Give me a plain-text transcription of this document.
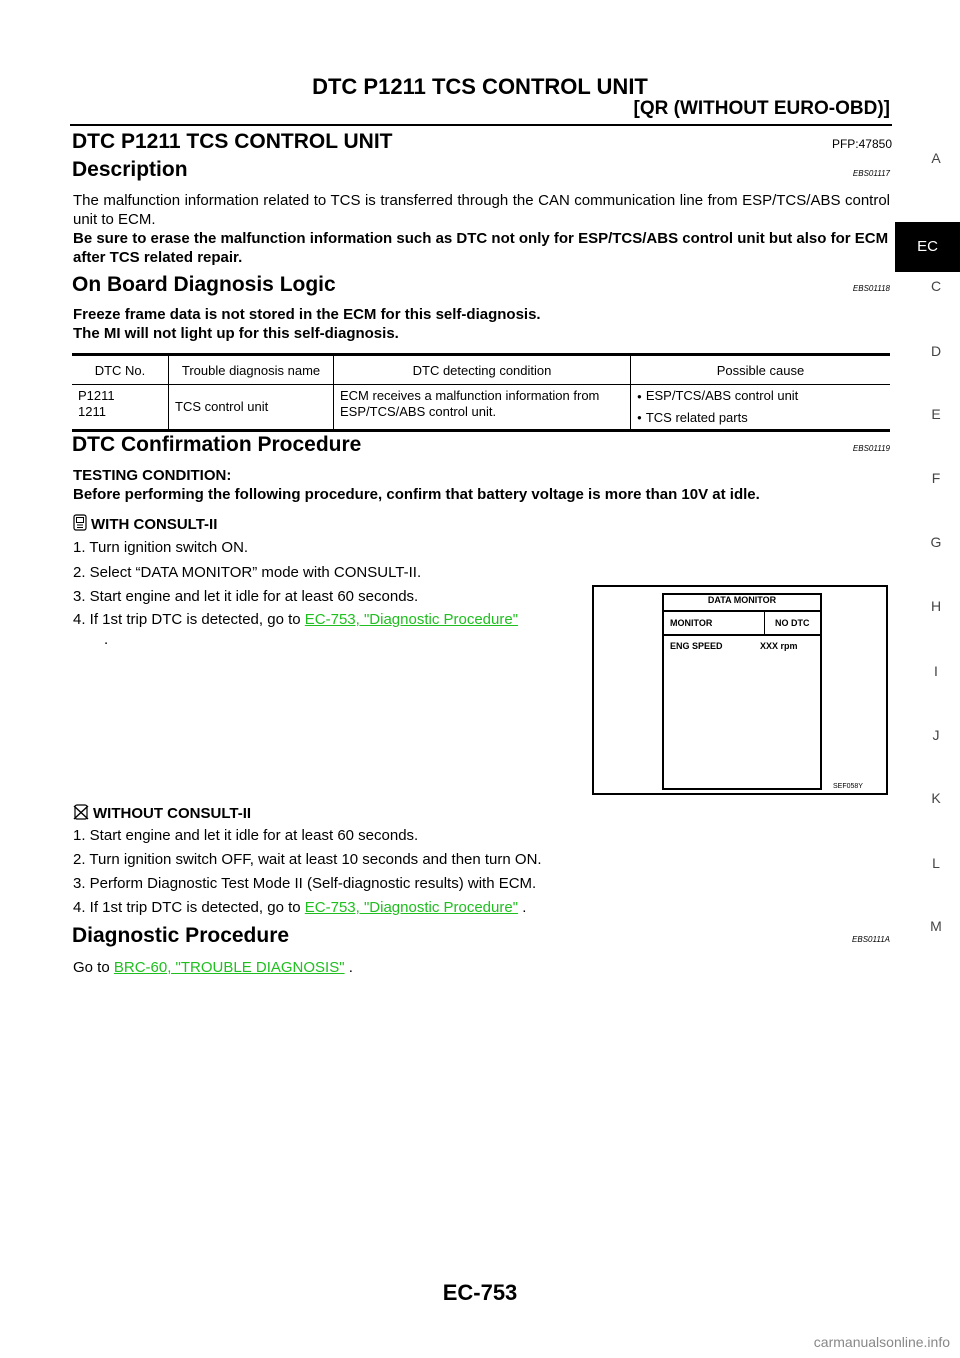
DTC P1211 TCS CONTROL UNIT
[QR (WITHOUT EURO-OBD)]
A
EC
C
D
E
F
G
H
I
J
K
L
M
DTC P1211 TCS CONTROL UNIT	PFP:47850
Description	EBS01117
The malfunction information related to TCS is transferred through the CAN communication line from ESP/TCS/ABS control unit to ECM.
Be sure to erase the malfunction information such as DTC not only for ESP/TCS/ABS control unit but also for ECM after TCS related repair.
On Board Diagnosis Logic	EBS01118
Freeze frame data is not stored in the ECM for this self-diagnosis.
The MI will not light up for this self-diagnosis.
DTC No.	Trouble diagnosis name	DTC detecting condition	Possible cause

P1211
1211	TCS control unit	ECM receives a malfunction information from ESP/TCS/ABS control unit.	● ESP/TCS/ABS control unit
● TCS related parts
DTC Confirmation Procedure	EBS01119
TESTING CONDITION:
Before performing the following procedure, confirm that battery voltage is more than 10V at idle.
WITH CONSULT-II
1. Turn ignition switch ON.
2. Select “DATA MONITOR” mode with CONSULT-II.
3. Start engine and let it idle for at least 60 seconds.
4. If 1st trip DTC is detected, go to EC-753, "Diagnostic Procedure"
.
DATA MONITOR
MONITOR	NO DTC
ENG SPEED	XXX rpm
SEF058Y
WITHOUT CONSULT-II
1. Start engine and let it idle for at least 60 seconds.
2. Turn ignition switch OFF, wait at least 10 seconds and then turn ON.
3. Perform Diagnostic Test Mode II (Self-diagnostic results) with ECM.
4. If 1st trip DTC is detected, go to EC-753, "Diagnostic Procedure" .
Diagnostic Procedure	EBS0111A
Go to BRC-60, "TROUBLE DIAGNOSIS" .
EC-753
carmanualsonline.info
